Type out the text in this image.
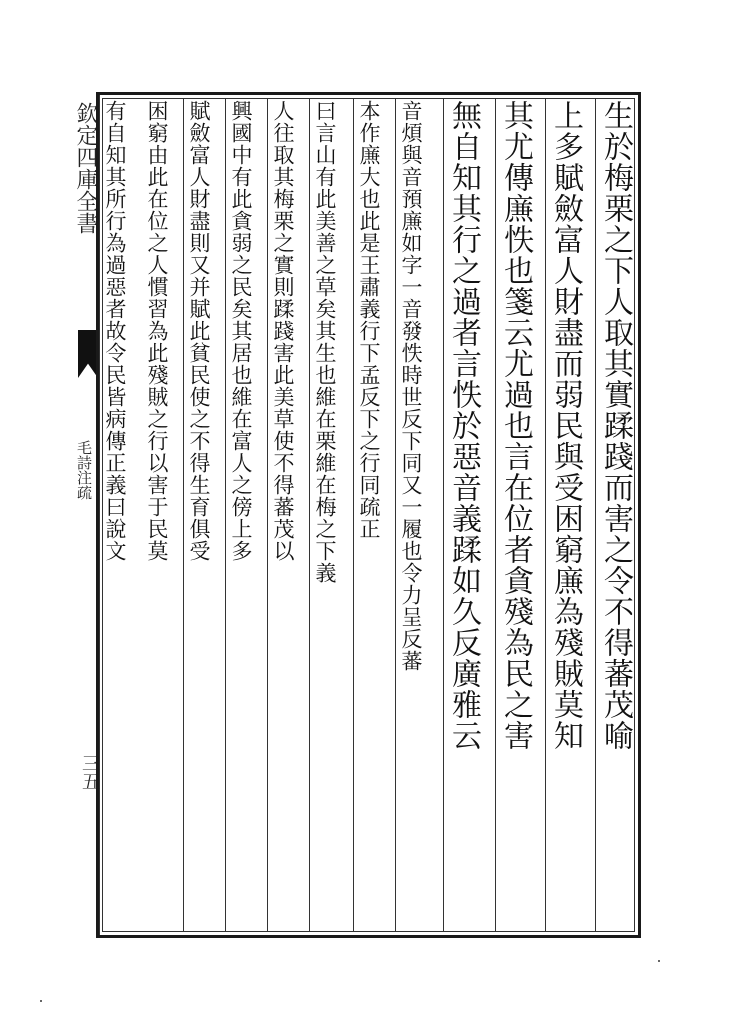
欽定四庫全書
毛詩注疏
三五
生於梅栗之下人取其實蹂踐而害之令不得蕃茂喻
上多賦斂富人財盡而弱民與受困窮㢘為殘賊莫知
其尤傳㢘怢也箋云尤過也言在位者貪殘為民之害
無自知其行之過者言怢於惡音義蹂如久反廣雅云
音煩與音預㢘如字一音發怢時世反下同又一履也令力呈反蕃
本作㢘大也此是王肅義行下孟反下之行同疏正
曰言山有此美善之草矣其生也維在栗維在梅之下義
人往取其梅栗之實則蹂踐害此美草使不得蕃茂以
興國中有此貪弱之民矣其居也維在富人之傍上多
賦斂富人財盡則又并賦此貧民使之不得生育俱受
困窮由此在位之人慣習為此殘賊之行以害于民莫
有自知其所行為過惡者故令民皆病傳正義曰說文
